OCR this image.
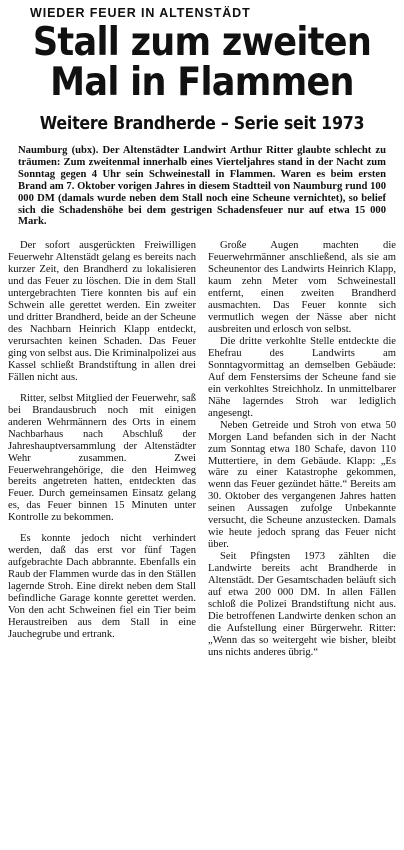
WIEDER FEUER IN ALTENSTÄDT
Stall zum zweiten
Mal in Flammen
Weitere Brandherde – Serie seit 1973
Naumburg (ubx). Der Altenstädter Landwirt Arthur Ritter glaubte schlecht zu träumen: Zum zweitenmal innerhalb eines Vierteljahres stand in der Nacht zum Sonntag gegen 4 Uhr sein Schweinestall in Flammen. Waren es beim ersten Brand am 7. Oktober vorigen Jahres in diesem Stadtteil von Naumburg rund 100 000 DM (damals wurde neben dem Stall noch eine Scheune vernichtet), so belief sich die Schadenshöhe bei dem gestrigen Schadensfeuer nur auf etwa 15 000 Mark.

Der sofort ausgerückten Freiwilligen Feuerwehr Altenstädt gelang es bereits nach kurzer Zeit, den Brandherd zu lokalisieren und das Feuer zu löschen. Die in dem Stall untergebrachten Tiere konnten bis auf ein Schwein alle gerettet werden. Ein zweiter und dritter Brandherd, beide an der Scheune des Nachbarn Heinrich Klapp entdeckt, verursachten keinen Schaden. Das Feuer ging von selbst aus. Die Kriminalpolizei aus Kassel schließt Brandstiftung in allen drei Fällen nicht aus.

Ritter, selbst Mitglied der Feuerwehr, saß bei Brandausbruch noch mit einigen anderen Wehrmännern des Orts in einem Nachbarhaus nach Abschluß der Jahreshauptversammlung der Altenstädter Wehr zusammen. Zwei Feuerwehrangehörige, die den Heimweg bereits angetreten hatten, entdeckten das Feuer. Durch gemeinsamen Einsatz gelang es, das Feuer binnen 15 Minuten unter Kontrolle zu bekommen.

Es konnte jedoch nicht verhindert werden, daß das erst vor fünf Tagen aufgebrachte Dach abbrannte. Ebenfalls ein Raub der Flammen wurde das in den Ställen lagernde Stroh. Eine direkt neben dem Stall befindliche Garage konnte gerettet werden. Von den acht Schweinen fiel ein Tier beim Heraustreiben aus dem Stall in eine Jauchegrube und ertrank.

Große Augen machten die Feuerwehrmänner anschließend, als sie am Scheunentor des Landwirts Heinrich Klapp, kaum zehn Meter vom Schweinestall entfernt, einen zweiten Brandherd ausmachten. Das Feuer konnte sich vermutlich wegen der Nässe aber nicht ausbreiten und erlosch von selbst.

Die dritte verkohlte Stelle entdeckte die Ehefrau des Landwirts am Sonntagvormittag an demselben Gebäude: Auf dem Fenstersims der Scheune fand sie ein verkohltes Streichholz. In unmittelbarer Nähe lagerndes Stroh war lediglich angesengt.

Neben Getreide und Stroh von etwa 50 Morgen Land befanden sich in der Nacht zum Sonntag etwa 180 Schafe, davon 110 Muttertiere, in dem Gebäude. Klapp: „Es wäre zu einer Katastrophe gekommen, wenn das Feuer gezündet hätte.“ Bereits am 30. Oktober des vergangenen Jahres hatten seinen Aussagen zufolge Unbekannte versucht, die Scheune anzustecken. Damals wie heute jedoch sprang das Feuer nicht über.

Seit Pfingsten 1973 zählten die Landwirte bereits acht Brandherde in Altenstädt. Der Gesamtschaden beläuft sich auf etwa 200 000 DM. In allen Fällen schloß die Polizei Brandstiftung nicht aus. Die betroffenen Landwirte denken schon an die Aufstellung einer Bürgerwehr. Ritter: „Wenn das so weitergeht wie bisher, bleibt uns nichts anderes übrig.“
